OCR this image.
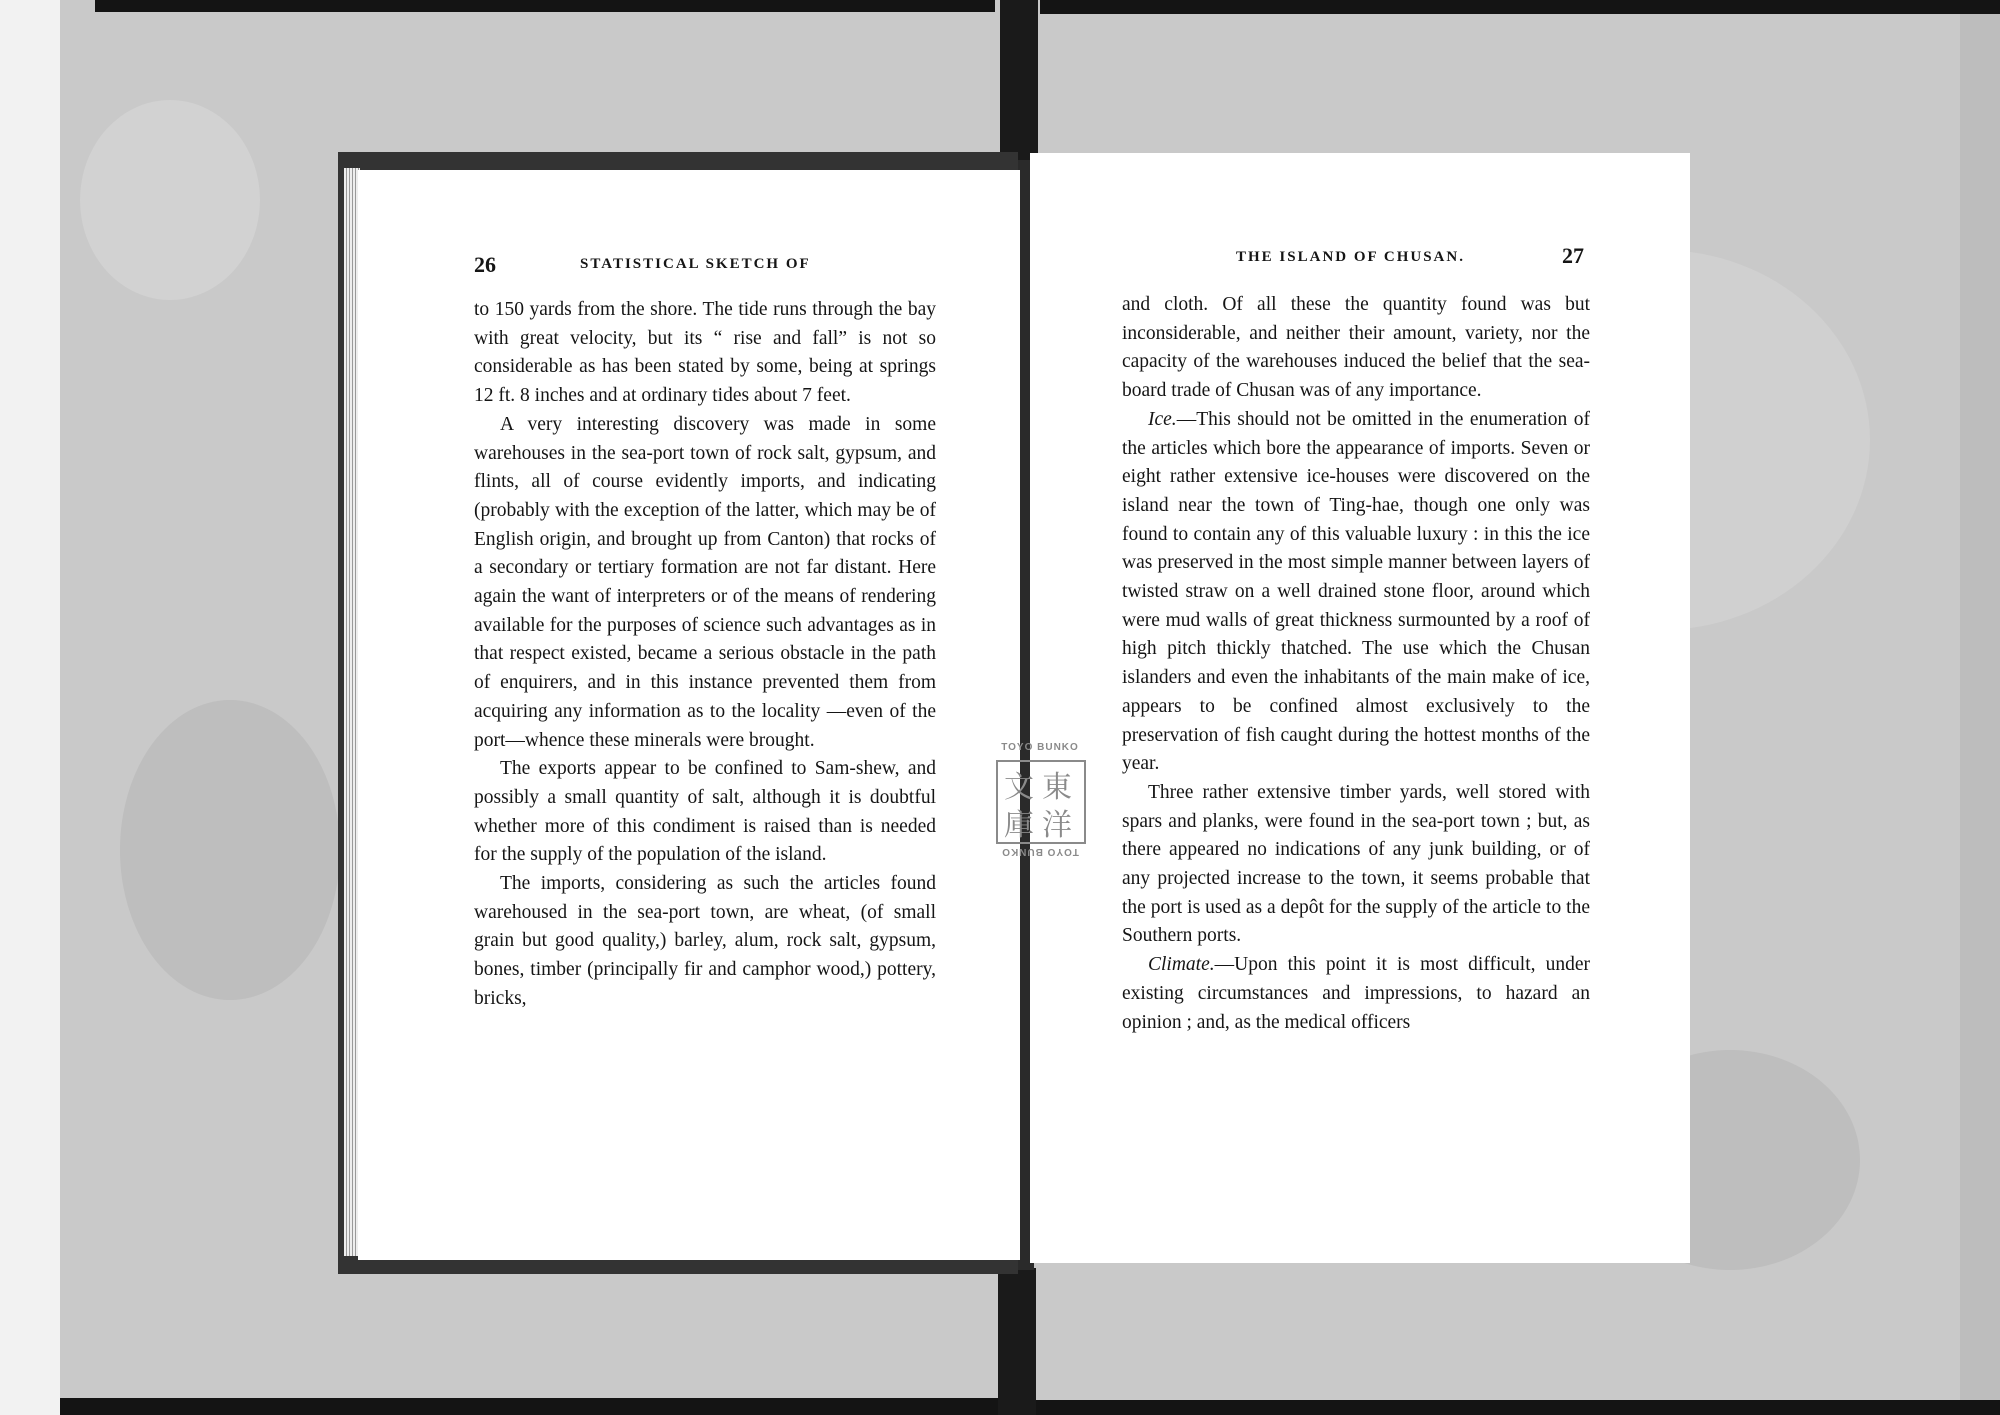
26	STATISTICAL SKETCH OF

to 150 yards from the shore. The tide runs through the bay with great velocity, but its “ rise and fall” is not so considerable as has been stated by some, being at springs 12 ft. 8 inches and at ordinary tides about 7 feet.

A very interesting discovery was made in some warehouses in the sea-port town of rock salt, gypsum, and flints, all of course evidently imports, and indicating (probably with the exception of the latter, which may be of English origin, and brought up from Canton) that rocks of a secondary or tertiary formation are not far distant. Here again the want of interpreters or of the means of rendering available for the purposes of science such advantages as in that respect existed, became a serious obstacle in the path of enquirers, and in this instance prevented them from acquiring any information as to the locality —even of the port—whence these minerals were brought.

The exports appear to be confined to Sam-shew, and possibly a small quantity of salt, although it is doubtful whether more of this condiment is raised than is needed for the supply of the population of the island.

The imports, considering as such the articles found warehoused in the sea-port town, are wheat, (of small grain but good quality,) barley, alum, rock salt, gypsum, bones, timber (principally fir and camphor wood,) pottery, bricks,

THE ISLAND OF CHUSAN.	27

and cloth. Of all these the quantity found was but inconsiderable, and neither their amount, variety, nor the capacity of the warehouses induced the belief that the sea-board trade of Chusan was of any importance.

Ice.—This should not be omitted in the enumeration of the articles which bore the appearance of imports. Seven or eight rather extensive ice-houses were discovered on the island near the town of Ting-hae, though one only was found to contain any of this valuable luxury : in this the ice was preserved in the most simple manner between layers of twisted straw on a well drained stone floor, around which were mud walls of great thickness surmounted by a roof of high pitch thickly thatched. The use which the Chusan islanders and even the inhabitants of the main make of ice, appears to be confined almost exclusively to the preservation of fish caught during the hottest months of the year.

Three rather extensive timber yards, well stored with spars and planks, were found in the sea-port town ; but, as there appeared no indications of any junk building, or of any projected increase to the town, it seems probable that the port is used as a depôt for the supply of the article to the Southern ports.

Climate.—Upon this point it is most difficult, under existing circumstances and impressions, to hazard an opinion ; and, as the medical officers

TOYO BUNKO
東
洋
文
庫
TOYO BUNKO
